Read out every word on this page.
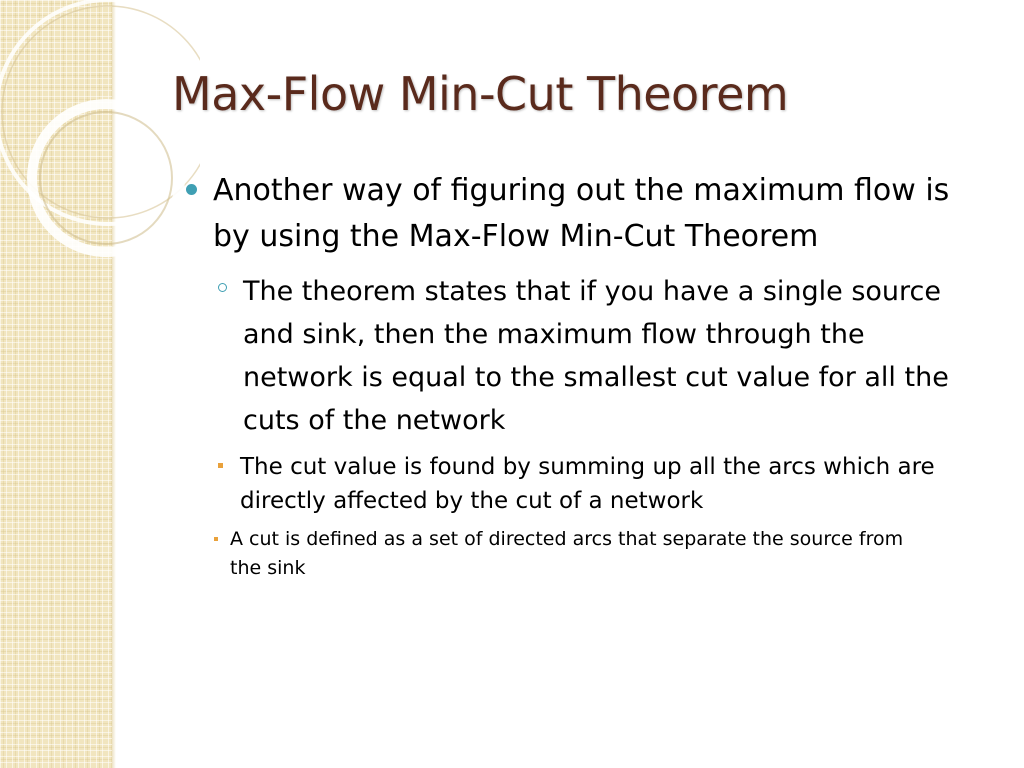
Max-Flow Min-Cut Theorem
Another way of figuring out the maximum flow is by using the Max-Flow Min-Cut Theorem
The theorem states that if you have a single source and sink, then the maximum flow through the network is equal to the smallest cut value for all the cuts of the network
The cut value is found by summing up all the arcs which are directly affected by the cut of a network
A cut is defined as a set of directed arcs that separate the source from the sink
